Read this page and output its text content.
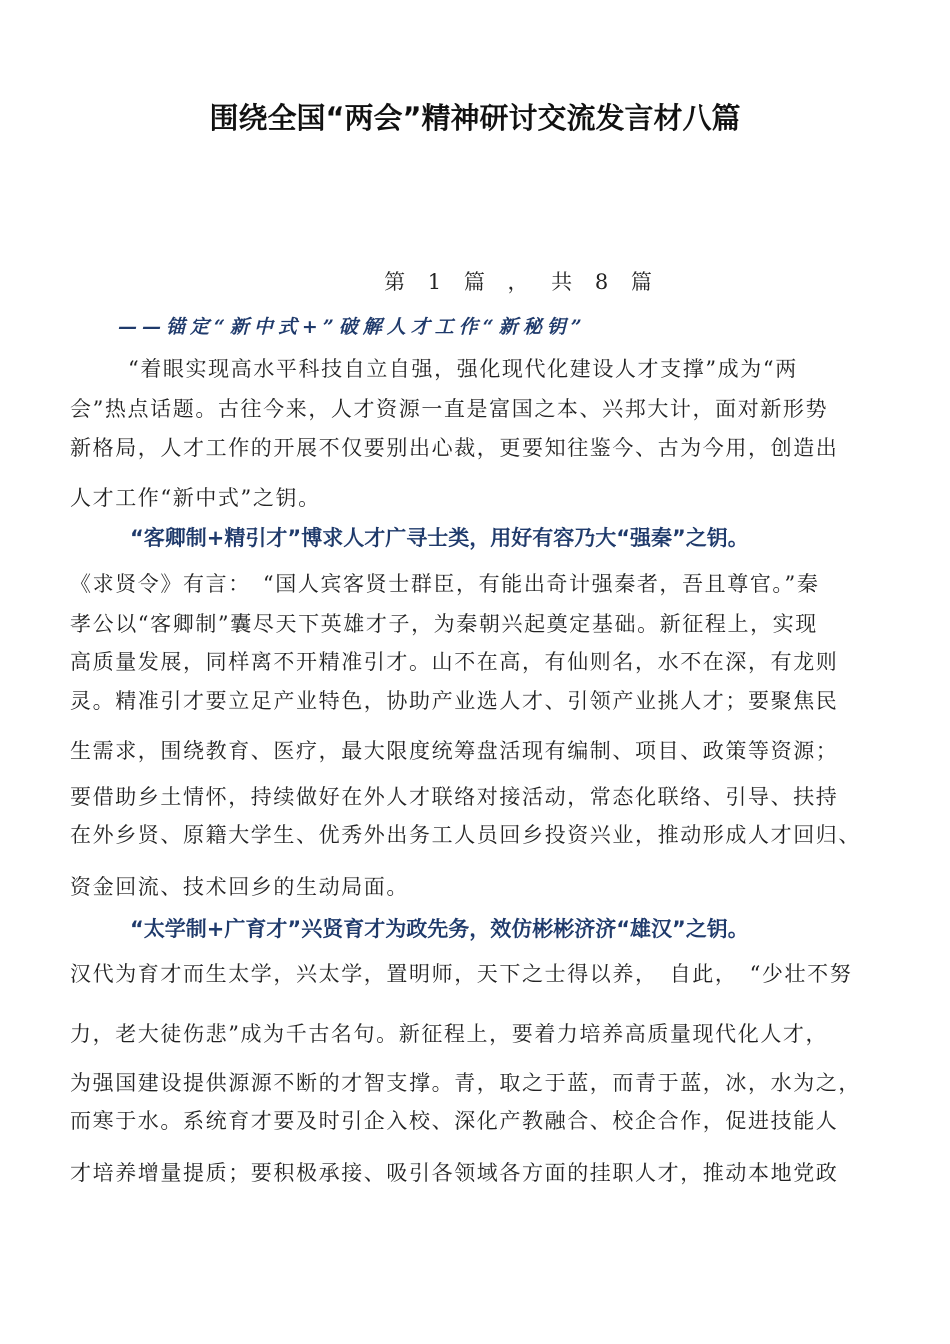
围绕全国“两会”精神研讨交流发言材八篇
第 1 篇 ， 共 8 篇
——锚定“新中式+”破解人才工作“新秘钥”
“着眼实现高水平科技自立自强，强化现代化建设人才支撑”成为“两
会”热点话题。古往今来，人才资源一直是富国之本、兴邦大计，面对新形势
新格局，人才工作的开展不仅要别出心裁，更要知往鉴今、古为今用，创造出
人才工作“新中式”之钥。
“客卿制+精引才”博求人才广寻士类，用好有容乃大“强秦”之钥。
《求贤令》有言：　“国人宾客贤士群臣，有能出奇计强秦者，吾且尊官。”秦
孝公以“客卿制”囊尽天下英雄才子，为秦朝兴起奠定基础。新征程上，实现
高质量发展，同样离不开精准引才。山不在高，有仙则名，水不在深，有龙则
灵。精准引才要立足产业特色，协助产业选人才、引领产业挑人才；要聚焦民
生需求，围绕教育、医疗，最大限度统筹盘活现有编制、项目、政策等资源；
要借助乡土情怀，持续做好在外人才联络对接活动，常态化联络、引导、扶持
在外乡贤、原籍大学生、优秀外出务工人员回乡投资兴业，推动形成人才回归、
资金回流、技术回乡的生动局面。
“太学制+广育才”兴贤育才为政先务，效仿彬彬济济“雄汉”之钥。
汉代为育才而生太学，兴太学，置明师，天下之士得以养，　自此，　“少壮不努
力，老大徒伤悲”成为千古名句。新征程上，要着力培养高质量现代化人才，
为强国建设提供源源不断的才智支撑。青，取之于蓝，而青于蓝，冰，水为之，
而寒于水。系统育才要及时引企入校、深化产教融合、校企合作，促进技能人
才培养增量提质；要积极承接、吸引各领域各方面的挂职人才，推动本地党政
